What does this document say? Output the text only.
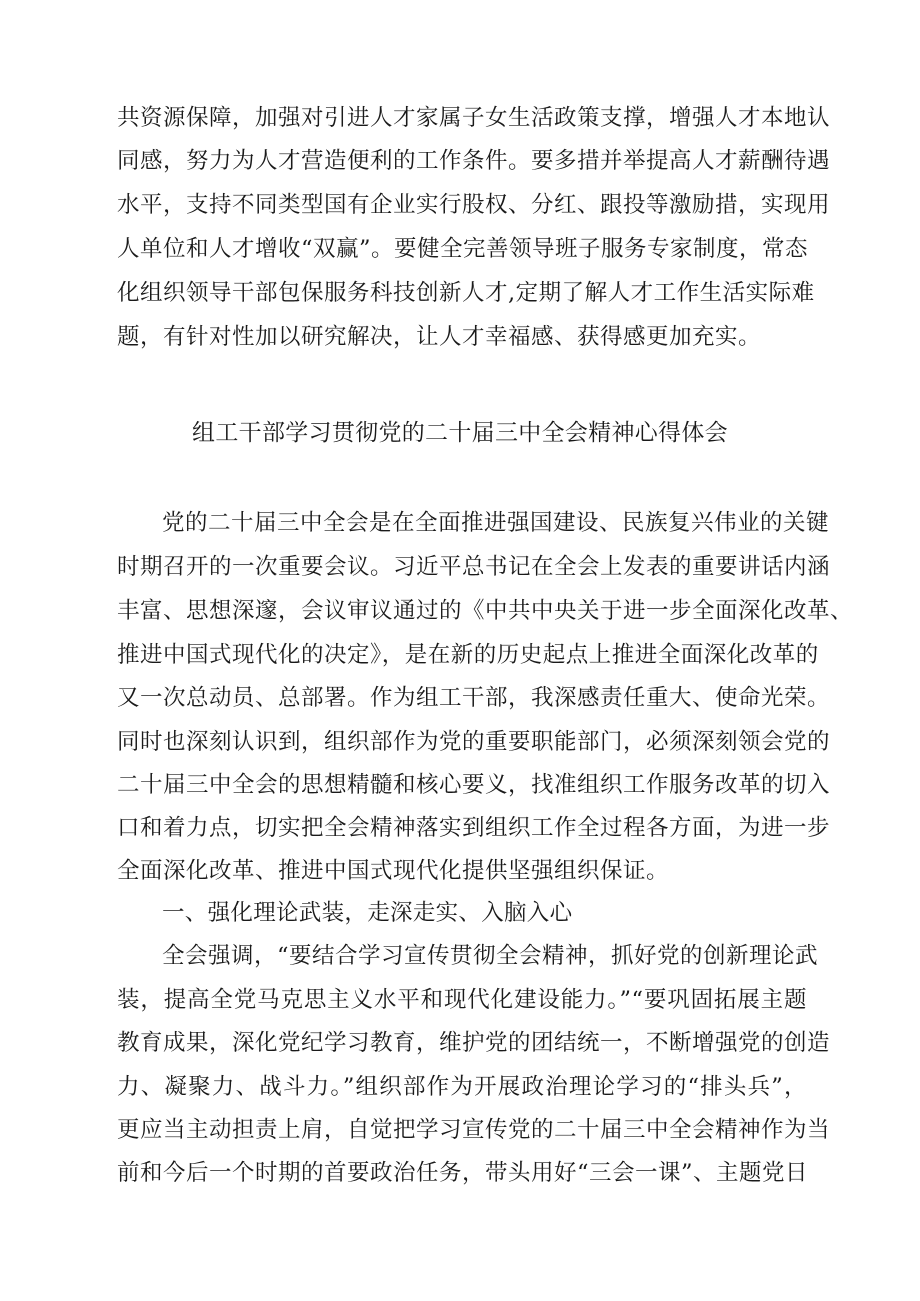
共资源保障，加强对引进人才家属子女生活政策支撑，增强人才本地认
同感，努力为人才营造便利的工作条件。要多措并举提高人才薪酬待遇
水平，支持不同类型国有企业实行股权、分红、跟投等激励措，实现用
人单位和人才增收“双赢”。要健全完善领导班子服务专家制度，常态
化组织领导干部包保服务科技创新人才,定期了解人才工作生活实际难
题，有针对性加以研究解决，让人才幸福感、获得感更加充实。
组工干部学习贯彻党的二十届三中全会精神心得体会
党的二十届三中全会是在全面推进强国建设、民族复兴伟业的关键
时期召开的一次重要会议。习近平总书记在全会上发表的重要讲话内涵
丰富、思想深邃，会议审议通过的《中共中央关于进一步全面深化改革、
推进中国式现代化的决定》，是在新的历史起点上推进全面深化改革的
又一次总动员、总部署。作为组工干部，我深感责任重大、使命光荣。
同时也深刻认识到，组织部作为党的重要职能部门，必须深刻领会党的
二十届三中全会的思想精髓和核心要义，找准组织工作服务改革的切入
口和着力点，切实把全会精神落实到组织工作全过程各方面，为进一步
全面深化改革、推进中国式现代化提供坚强组织保证。
一、强化理论武装，走深走实、入脑入心
全会强调，“要结合学习宣传贯彻全会精神，抓好党的创新理论武
装，提高全党马克思主义水平和现代化建设能力。”“要巩固拓展主题
教育成果，深化党纪学习教育，维护党的团结统一，不断增强党的创造
力、凝聚力、战斗力。”组织部作为开展政治理论学习的“排头兵”，
更应当主动担责上肩，自觉把学习宣传党的二十届三中全会精神作为当
前和今后一个时期的首要政治任务，带头用好“三会一课”、主题党日
